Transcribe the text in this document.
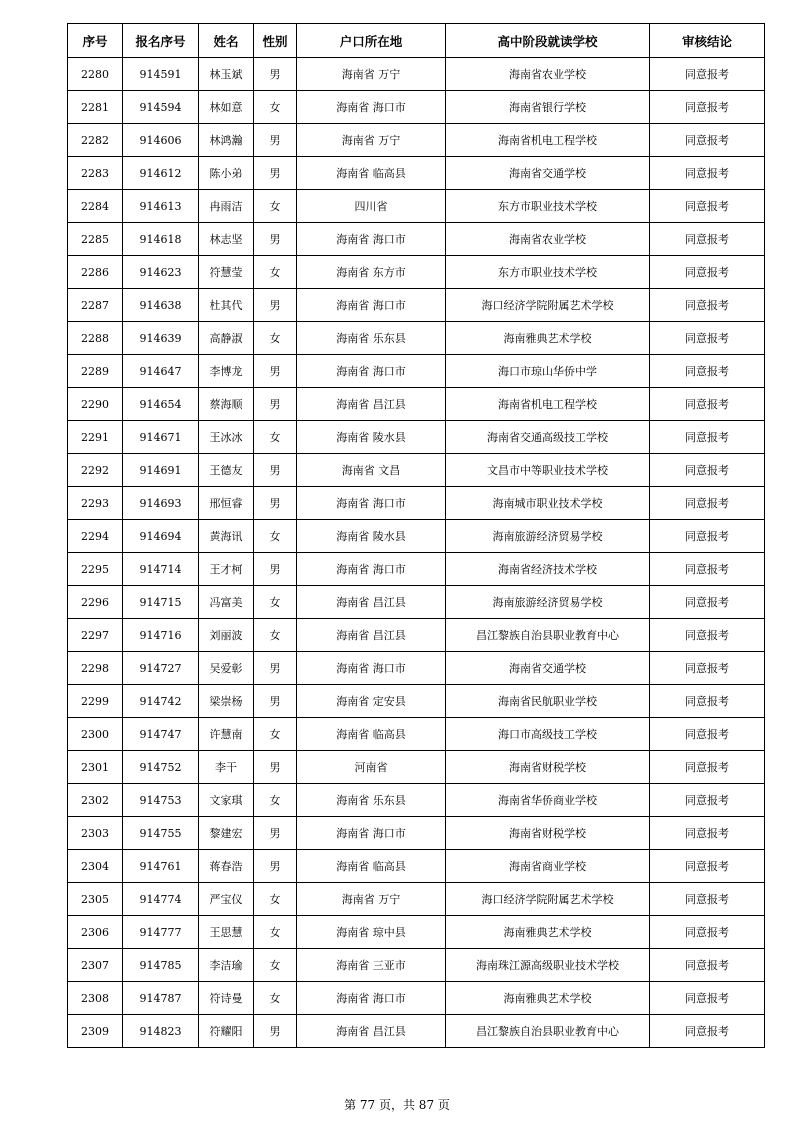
序号	报名序号	姓名	性别	户口所在地	高中阶段就读学校	审核结论
2280	914591	林玉斌	男	海南省 万宁	海南省农业学校	同意报考
2281	914594	林如意	女	海南省 海口市	海南省银行学校	同意报考
2282	914606	林鸿瀚	男	海南省 万宁	海南省机电工程学校	同意报考
2283	914612	陈小弟	男	海南省 临高县	海南省交通学校	同意报考
2284	914613	冉雨洁	女	四川省	东方市职业技术学校	同意报考
2285	914618	林志坚	男	海南省 海口市	海南省农业学校	同意报考
2286	914623	符慧莹	女	海南省 东方市	东方市职业技术学校	同意报考
2287	914638	杜其代	男	海南省 海口市	海口经济学院附属艺术学校	同意报考
2288	914639	高静淑	女	海南省 乐东县	海南雅典艺术学校	同意报考
2289	914647	李博龙	男	海南省 海口市	海口市琼山华侨中学	同意报考
2290	914654	蔡海顺	男	海南省 昌江县	海南省机电工程学校	同意报考
2291	914671	王冰冰	女	海南省 陵水县	海南省交通高级技工学校	同意报考
2292	914691	王德友	男	海南省 文昌	文昌市中等职业技术学校	同意报考
2293	914693	邢恒睿	男	海南省 海口市	海南城市职业技术学校	同意报考
2294	914694	黄海讯	女	海南省 陵水县	海南旅游经济贸易学校	同意报考
2295	914714	王才柯	男	海南省 海口市	海南省经济技术学校	同意报考
2296	914715	冯富美	女	海南省 昌江县	海南旅游经济贸易学校	同意报考
2297	914716	刘丽波	女	海南省 昌江县	昌江黎族自治县职业教育中心	同意报考
2298	914727	吴爱彰	男	海南省 海口市	海南省交通学校	同意报考
2299	914742	梁崇杨	男	海南省 定安县	海南省民航职业学校	同意报考
2300	914747	许慧南	女	海南省 临高县	海口市高级技工学校	同意报考
2301	914752	李干	男	河南省	海南省财税学校	同意报考
2302	914753	文家琪	女	海南省 乐东县	海南省华侨商业学校	同意报考
2303	914755	黎建宏	男	海南省 海口市	海南省财税学校	同意报考
2304	914761	蒋春浩	男	海南省 临高县	海南省商业学校	同意报考
2305	914774	严宝仪	女	海南省 万宁	海口经济学院附属艺术学校	同意报考
2306	914777	王思慧	女	海南省 琼中县	海南雅典艺术学校	同意报考
2307	914785	李洁瑜	女	海南省 三亚市	海南珠江源高级职业技术学校	同意报考
2308	914787	符诗曼	女	海南省 海口市	海南雅典艺术学校	同意报考
2309	914823	符耀阳	男	海南省 昌江县	昌江黎族自治县职业教育中心	同意报考
第 77 页，共 87 页
